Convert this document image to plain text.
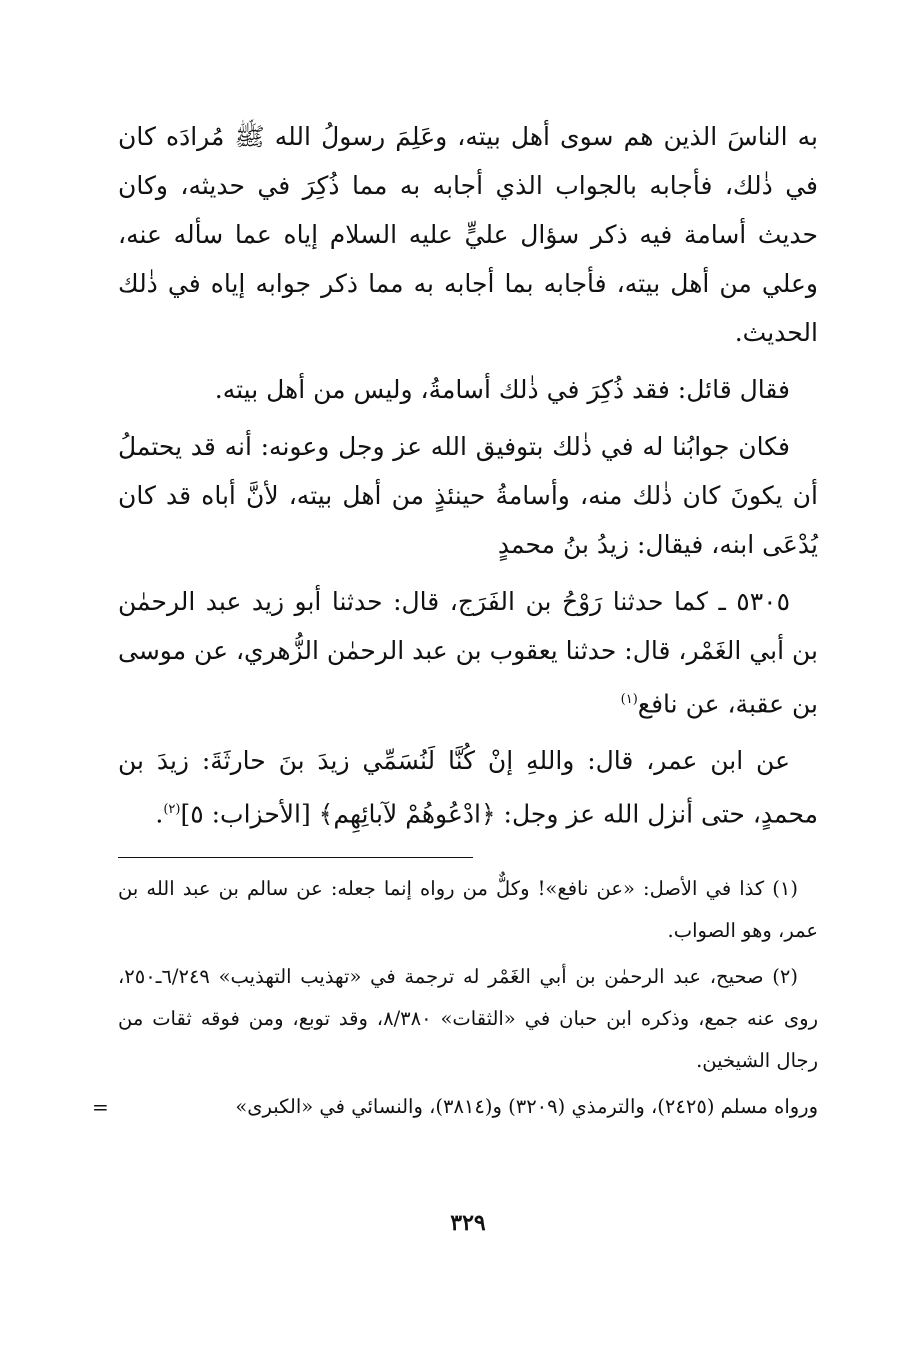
به الناسَ الذين هم سوى أهل بيته، وعَلِمَ رسولُ الله ﷺ مُرادَه كان في ذٰلك، فأجابه بالجواب الذي أجابه به مما ذُكِرَ في حديثه، وكان حديث أسامة فيه ذكر سؤال عليٍّ عليه السلام إياه عما سأله عنه، وعلي من أهل بيته، فأجابه بما أجابه به مما ذكر جوابه إياه في ذٰلك الحديث.

فقال قائل: فقد ذُكِرَ في ذٰلك أسامةُ، وليس من أهل بيته.

فكان جوابُنا له في ذٰلك بتوفيق الله عز وجل وعونه: أنه قد يحتملُ أن يكونَ كان ذٰلك منه، وأسامةُ حينئذٍ من أهل بيته، لأنَّ أباه قد كان يُدْعَى ابنه، فيقال: زيدُ بنُ محمدٍ

٥٣٠٥ ـ كما حدثنا رَوْحُ بن الفَرَج، قال: حدثنا أبو زيد عبد الرحمٰن بن أبي الغَمْر، قال: حدثنا يعقوب بن عبد الرحمٰن الزُّهري، عن موسى بن عقبة، عن نافع$^{(١)}$

عن ابن عمر، قال: واللهِ إنْ كُنَّا لَنُسَمِّي زيدَ بنَ حارثَةَ: زيدَ بن محمدٍ، حتى أنزل الله عز وجل: ﴿ادْعُوهُمْ لآبائِهِم﴾ [الأحزاب: ٥]$^{(٢)}$.

(١) كذا في الأصل: «عن نافع»! وكلٌّ من رواه إنما جعله: عن سالم بن عبد الله بن عمر، وهو الصواب.

(٢) صحيح، عبد الرحمٰن بن أبي الغَمْر له ترجمة في «تهذيب التهذيب» ٦/٢٤٩ـ٢٥٠، روى عنه جمع، وذكره ابن حبان في «الثقات» ٨/٣٨٠، وقد توبع، ومن فوقه ثقات من رجال الشيخين.

ورواه مسلم (٢٤٢٥)، والترمذي (٣٢٠٩) و(٣٨١٤)، والنسائي في «الكبرى»
=

٣٢٩
